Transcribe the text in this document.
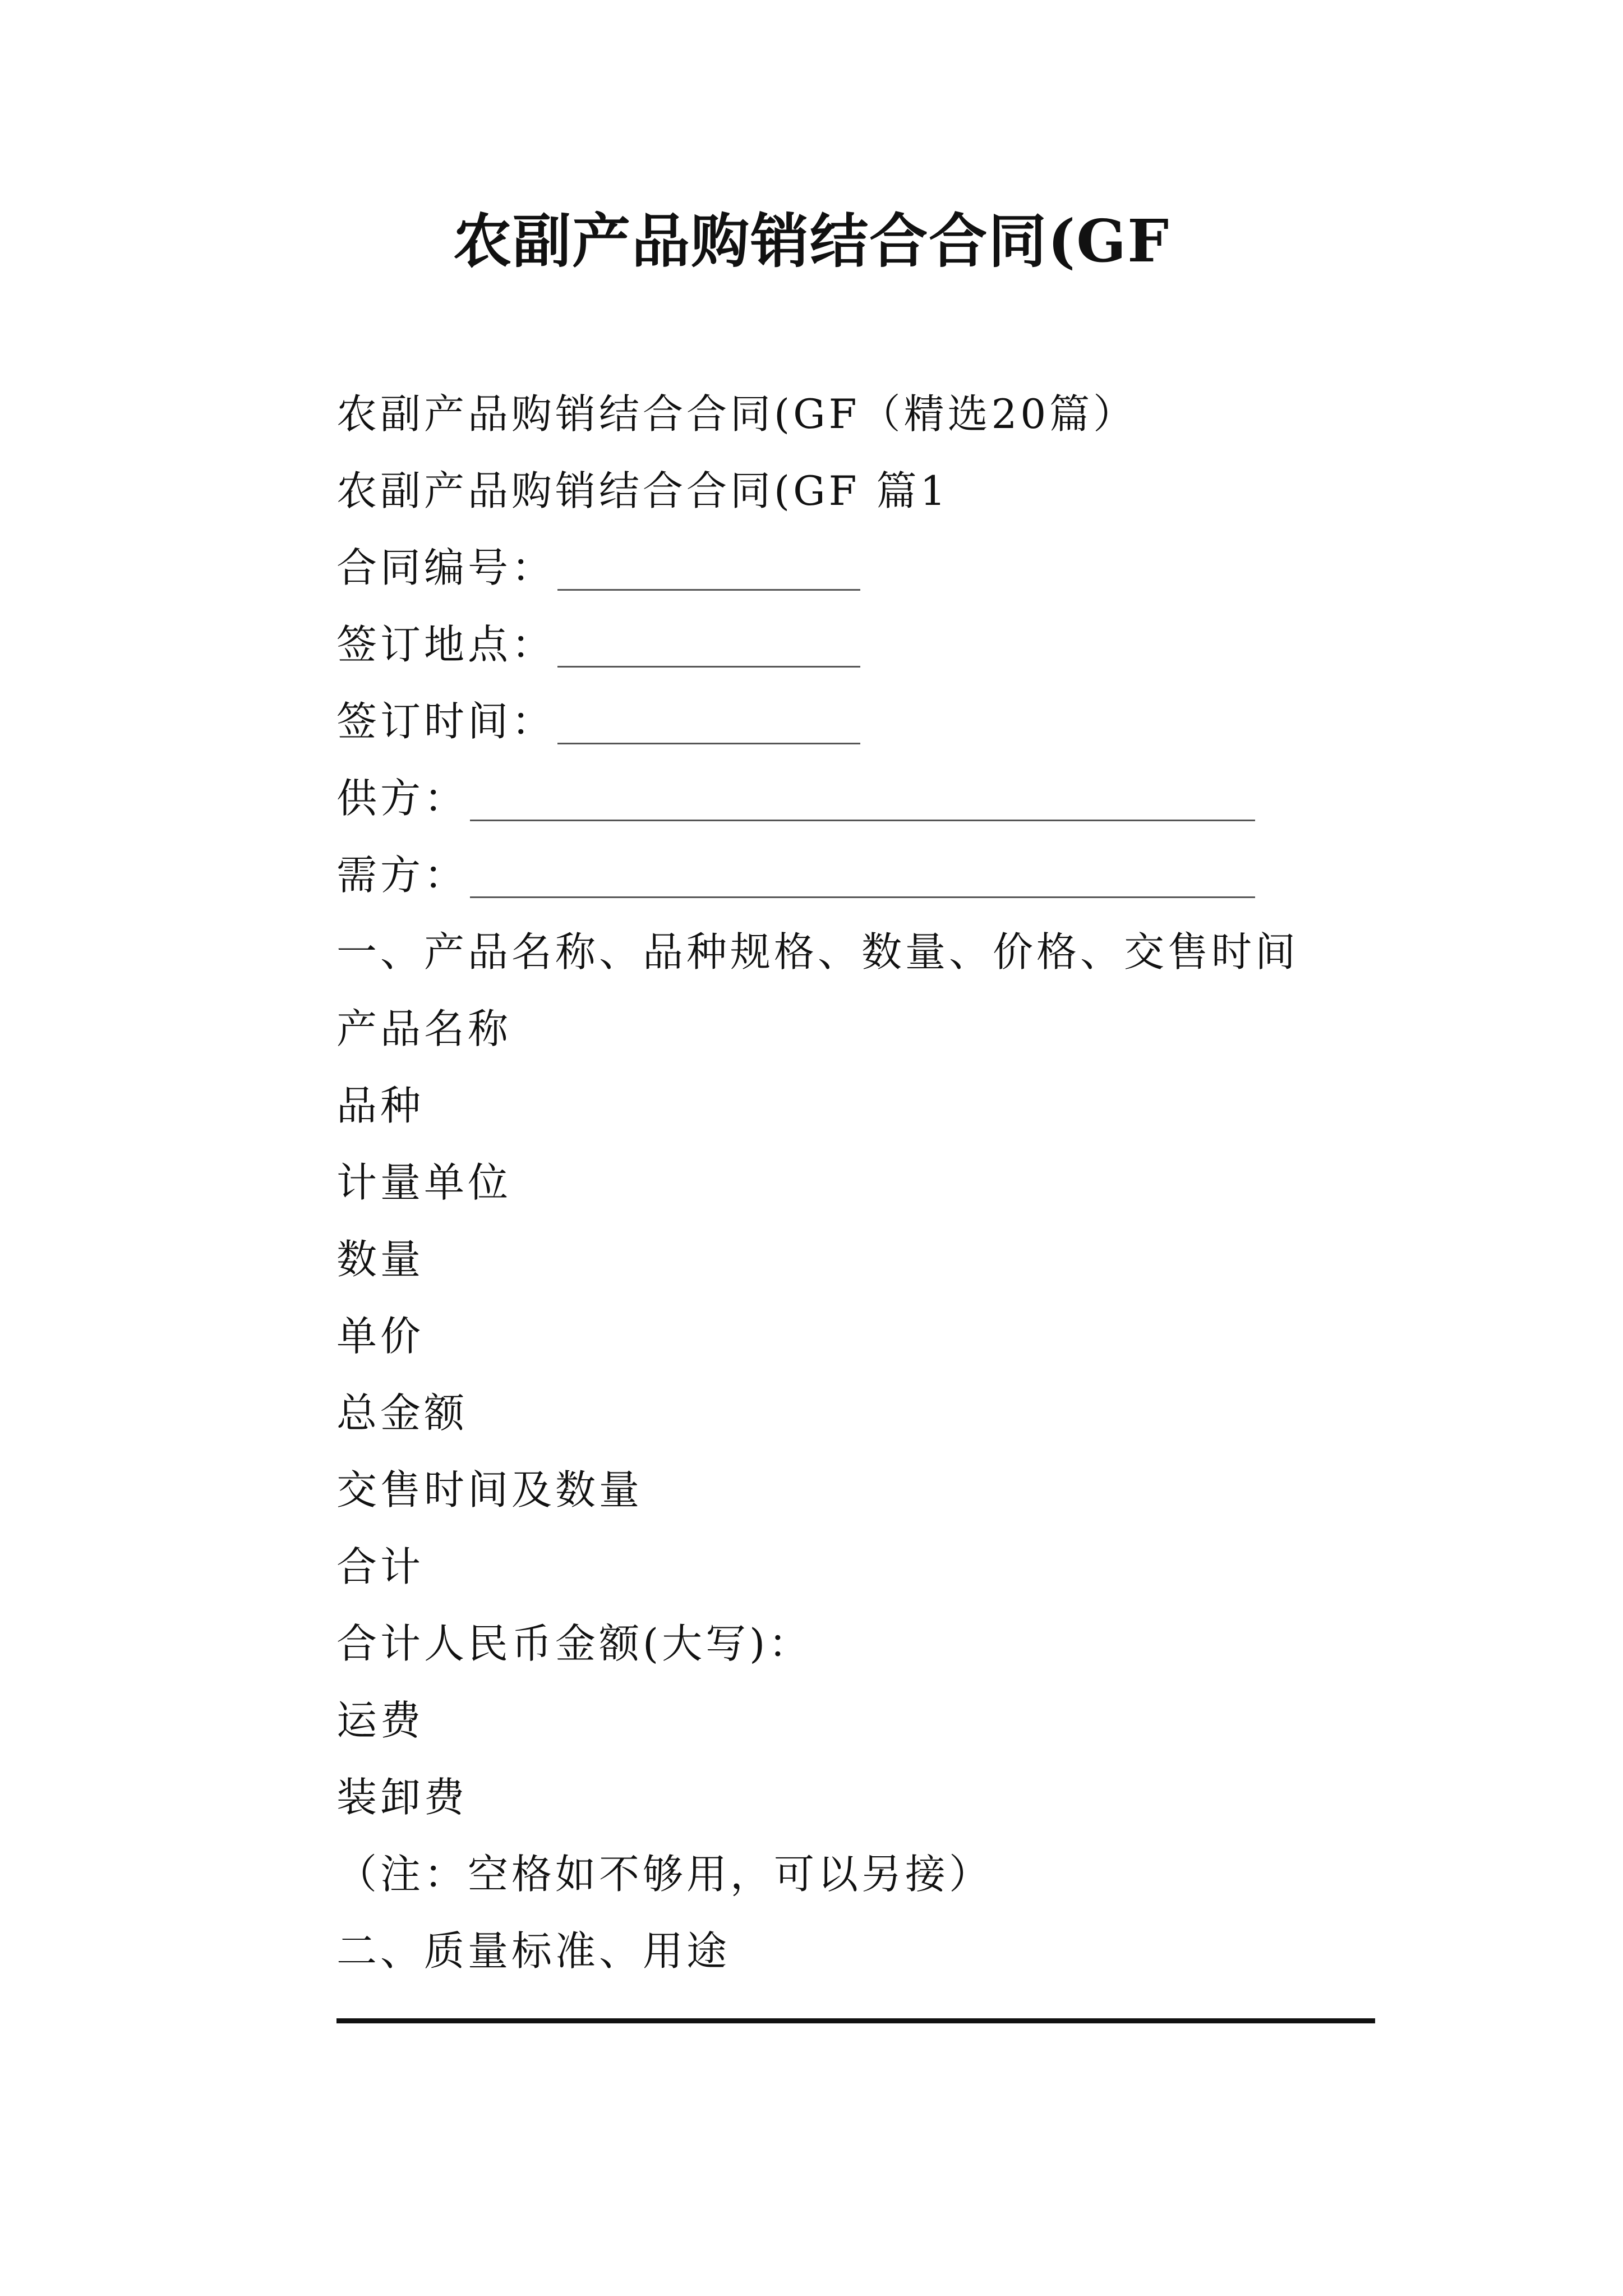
农副产品购销结合合同(GF
农副产品购销结合合同(GF（精选20篇）
农副产品购销结合合同(GF 篇1
合同编号：
签订地点：
签订时间：
供方：
需方：
一、产品名称、品种规格、数量、价格、交售时间
产品名称
品种
计量单位
数量
单价
总金额
交售时间及数量
合计
合计人民币金额(大写)：
运费
装卸费
（注：空格如不够用，可以另接）
二、质量标准、用途
